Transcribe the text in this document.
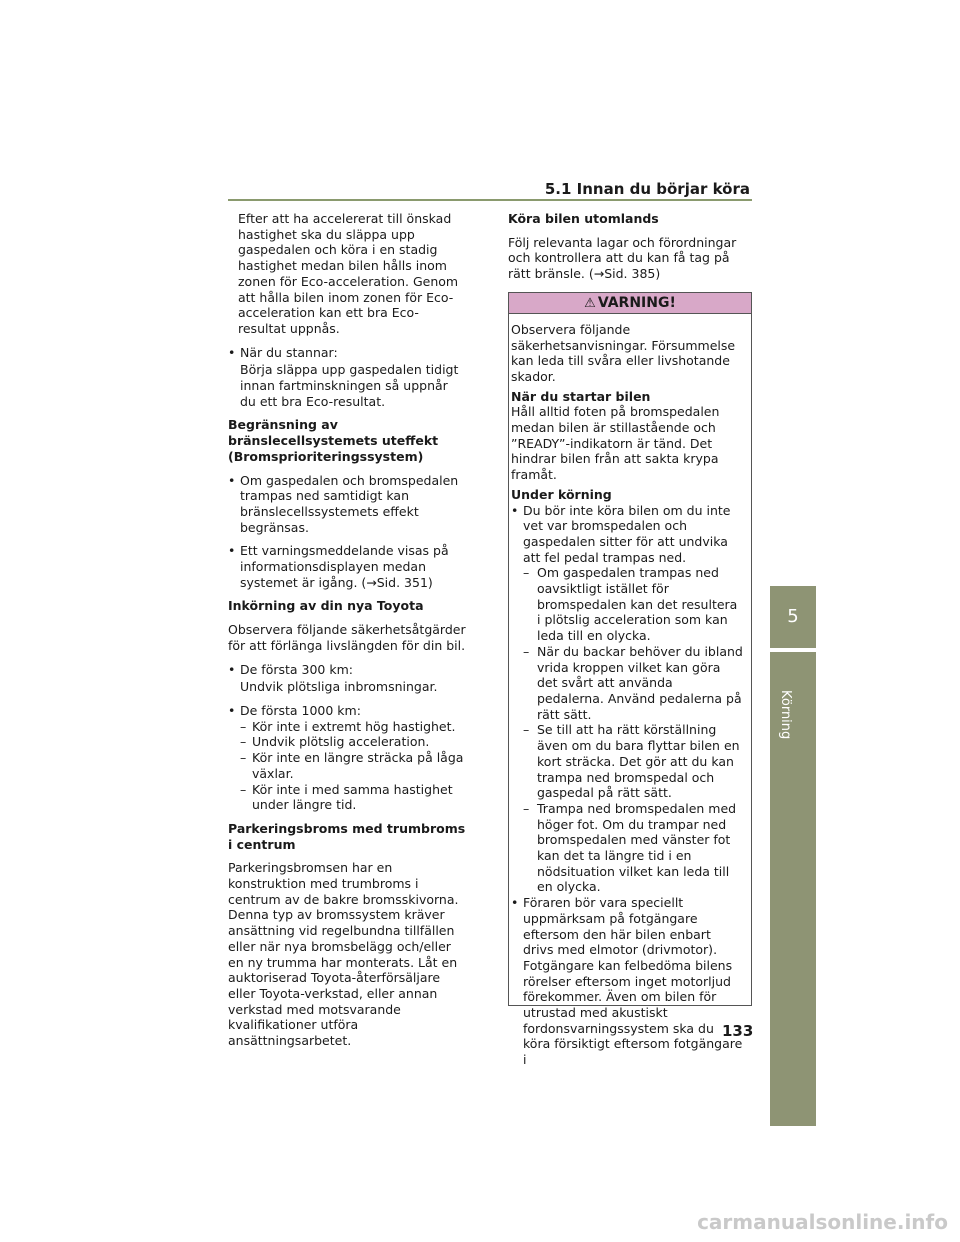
5.1 Innan du börjar köra

Efter att ha accelererat till önskad hastighet ska du släppa upp gaspedalen och köra i en stadig hastighet medan bilen hålls inom zonen för Eco-acceleration. Genom att hålla bilen inom zonen för Eco-acceleration kan ett bra Eco-resultat uppnås.

• När du stannar:

Börja släppa upp gaspedalen tidigt innan fartminskningen så uppnår du ett bra Eco-resultat.

Begränsning av bränslecellsystemets uteffekt (Bromsprioriteringssystem)

• Om gaspedalen och bromspedalen trampas ned samtidigt kan bränslecellssystemets effekt begränsas.
• Ett varningsmeddelande visas på informationsdisplayen medan systemet är igång. (→Sid. 351)

Inkörning av din nya Toyota

Observera följande säkerhetsåtgärder för att förlänga livslängden för din bil.

• De första 300 km:

Undvik plötsliga inbromsningar.

• De första 1000 km:
– Kör inte i extremt hög hastighet.
– Undvik plötslig acceleration.
– Kör inte en längre sträcka på låga växlar.
– Kör inte i med samma hastighet under längre tid.

Parkeringsbroms med trumbroms i centrum

Parkeringsbromsen har en konstruktion med trumbroms i centrum av de bakre bromsskivorna. Denna typ av bromssystem kräver ansättning vid regelbundna tillfällen eller när nya bromsbelägg och/eller en ny trumma har monterats. Låt en auktoriserad Toyota-återförsäljare eller Toyota-verkstad, eller annan verkstad med motsvarande kvalifikationer utföra ansättningsarbetet.

Köra bilen utomlands

Följ relevanta lagar och förordningar och kontrollera att du kan få tag på rätt bränsle. (→Sid. 385)

⚠ VARNING!

Observera följande säkerhetsanvisningar. Försummelse kan leda till svåra eller livshotande skador.

När du startar bilen

Håll alltid foten på bromspedalen medan bilen är stillastående och ”READY”-indikatorn är tänd. Det hindrar bilen från att sakta krypa framåt.

Under körning

• Du bör inte köra bilen om du inte vet var bromspedalen och gaspedalen sitter för att undvika att fel pedal trampas ned.
– Om gaspedalen trampas ned oavsiktligt istället för bromspedalen kan det resultera i plötslig acceleration som kan leda till en olycka.
– När du backar behöver du ibland vrida kroppen vilket kan göra det svårt att använda pedalerna. Använd pedalerna på rätt sätt.
– Se till att ha rätt körställning även om du bara flyttar bilen en kort sträcka. Det gör att du kan trampa ned bromspedal och gaspedal på rätt sätt.
– Trampa ned bromspedalen med höger fot. Om du trampar ned bromspedalen med vänster fot kan det ta längre tid i en nödsituation vilket kan leda till en olycka.
• Föraren bör vara speciellt uppmärksam på fotgängare eftersom den här bilen enbart drivs med elmotor (drivmotor). Fotgängare kan felbedöma bilens rörelser eftersom inget motorljud förekommer. Även om bilen för utrustad med akustiskt fordonsvarningssystem ska du köra försiktigt eftersom fotgängare i
5
Körning
133
carmanualsonline.info
